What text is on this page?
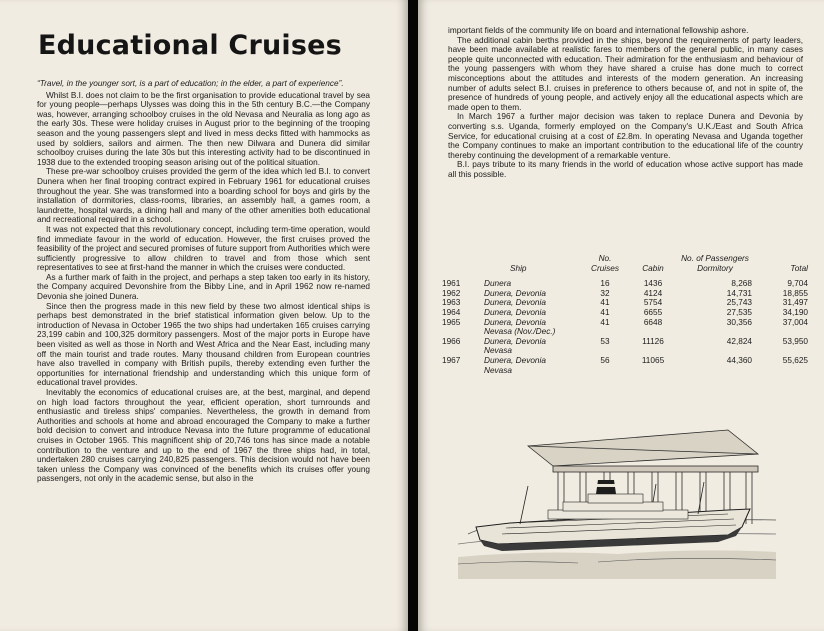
Educational Cruises

“Travel, in the younger sort, is a part of education; in the elder, a part of experience”.

Whilst B.I. does not claim to be the first organisation to provide educational travel by sea for young people—perhaps Ulysses was doing this in the 5th century B.C.—the Company was, however, arranging schoolboy cruises in the old Nevasa and Neuralia as long ago as the early 30s. These were holiday cruises in August prior to the beginning of the trooping season and the young passengers slept and lived in mess decks fitted with hammocks as used by soldiers, sailors and airmen. The then new Dilwara and Dunera did similar schoolboy cruises during the late 30s but this interesting activity had to be discontinued in 1938 due to the extended trooping season arising out of the political situation.

These pre-war schoolboy cruises provided the germ of the idea which led B.I. to convert Dunera when her final trooping contract expired in February 1961 for educational cruises throughout the year. She was transformed into a boarding school for boys and girls by the installation of dormitories, class-rooms, libraries, an assembly hall, a games room, a laundrette, hospital wards, a dining hall and many of the other amenities both educational and recreational required in a school.

It was not expected that this revolutionary concept, including term-time operation, would find immediate favour in the world of education. However, the first cruises proved the feasibility of the project and secured promises of future support from Authorities which were sufficiently progressive to allow children to travel and from those which sent representatives to see at first-hand the manner in which the cruises were conducted.

As a further mark of faith in the project, and perhaps a step taken too early in its history, the Company acquired Devonshire from the Bibby Line, and in April 1962 now re-named Devonia she joined Dunera.

Since then the progress made in this new field by these two almost identical ships is perhaps best demonstrated in the brief statistical information given below. Up to the introduction of Nevasa in October 1965 the two ships had undertaken 165 cruises carrying 23,199 cabin and 100,325 dormitory passengers. Most of the major ports in Europe have been visited as well as those in North and West Africa and the Near East, including many off the main tourist and trade routes. Many thousand children from European countries have also travelled in company with British pupils, thereby extending even further the opportunities for international friendship and understanding which this unique form of educational travel provides.

Inevitably the economics of educational cruises are, at the best, marginal, and depend on high load factors throughout the year, efficient operation, short turnrounds and enthusiastic and tireless ships' companies. Nevertheless, the growth in demand from Authorities and schools at home and abroad encouraged the Company to make a further bold decision to convert and introduce Nevasa into the future programme of educational cruises in October 1965. This magnificent ship of 20,746 tons has since made a notable contribution to the venture and up to the end of 1967 the three ships had, in total, undertaken 280 cruises carrying 240,825 passengers. This decision would not have been taken unless the Company was convinced of the benefits which its cruises offer young passengers, not only in the academic sense, but also in the

important fields of the community life on board and international fellowship ashore.

The additional cabin berths provided in the ships, beyond the requirements of party leaders, have been made available at realistic fares to members of the general public, in many cases people quite unconnected with education. Their admiration for the enthusiasm and behaviour of the young passengers with whom they have shared a cruise has done much to correct misconceptions about the attitudes and interests of the modern generation. An increasing number of adults select B.I. cruises in preference to others because of, and not in spite of, the presence of hundreds of young people, and actively enjoy all the educational aspects which are made open to them.

In March 1967 a further major decision was taken to replace Dunera and Devonia by converting s.s. Uganda, formerly employed on the Company's U.K./East and South Africa Service, for educational cruising at a cost of £2.8m. In operating Nevasa and Uganda together the Company continues to make an important contribution to the educational life of the country thereby continuing the development of a remarkable venture.

B.I. pays tribute to its many friends in the world of education whose active support has made all this possible.

		No.		No. of Passengers	
	Ship	Cruises	Cabin	Dormitory	Total

1961	Dunera	16	1436	8,268	9,704
1962	Dunera, Devonia	32	4124	14,731	18,855
1963	Dunera, Devonia	41	5754	25,743	31,497
1964	Dunera, Devonia	41	6655	27,535	34,190
1965	Dunera, Devonia
Nevasa (Nov./Dec.)	41	6648	30,356	37,004
1966	Dunera, Devonia
Nevasa	53	11126	42,824	53,950
1967	Dunera, Devonia
Nevasa	56	11065	44,360	55,625
